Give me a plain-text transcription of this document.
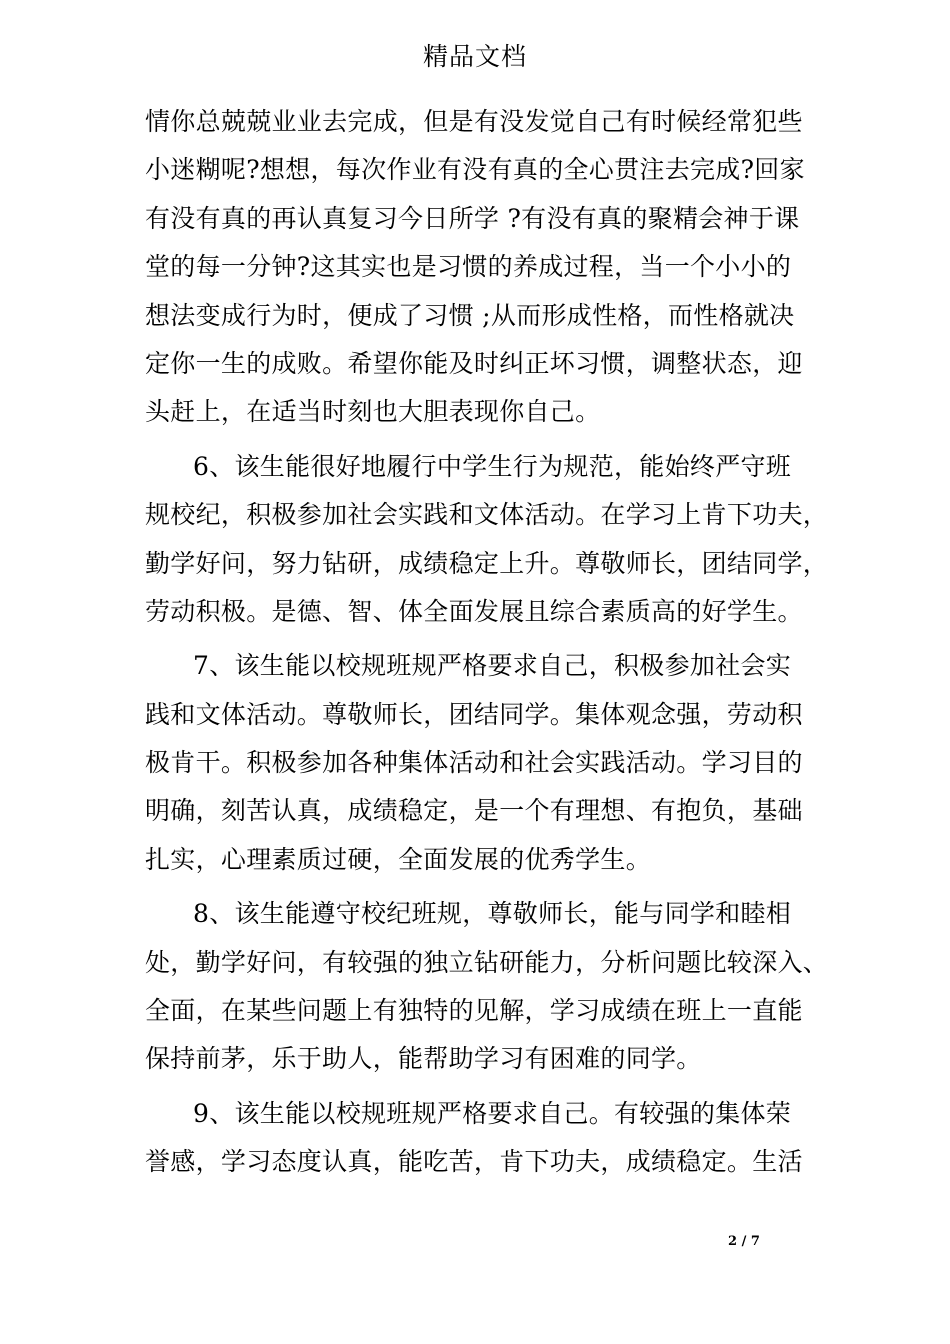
精品文档
情你总兢兢业业去完成，但是有没发觉自己有时候经常犯些
小迷糊呢?想想，每次作业有没有真的全心贯注去完成?回家
有没有真的再认真复习今日所学 ?有没有真的聚精会神于课
堂的每一分钟?这其实也是习惯的养成过程，当一个小小的
想法变成行为时，便成了习惯 ;从而形成性格，而性格就决
定你一生的成败。希望你能及时纠正坏习惯，调整状态，迎
头赶上，在适当时刻也大胆表现你自己。
6、该生能很好地履行中学生行为规范，能始终严守班
规校纪，积极参加社会实践和文体活动。在学习上肯下功夫，
勤学好问，努力钻研，成绩稳定上升。尊敬师长，团结同学，
劳动积极。是德、智、体全面发展且综合素质高的好学生。
7、该生能以校规班规严格要求自己，积极参加社会实
践和文体活动。尊敬师长，团结同学。集体观念强，劳动积
极肯干。积极参加各种集体活动和社会实践活动。学习目的
明确，刻苦认真，成绩稳定，是一个有理想、有抱负，基础
扎实，心理素质过硬，全面发展的优秀学生。
8、该生能遵守校纪班规，尊敬师长，能与同学和睦相
处，勤学好问，有较强的独立钻研能力，分析问题比较深入、
全面，在某些问题上有独特的见解，学习成绩在班上一直能
保持前茅，乐于助人，能帮助学习有困难的同学。
9、该生能以校规班规严格要求自己。有较强的集体荣
誉感，学习态度认真，能吃苦，肯下功夫，成绩稳定。生活
2 / 7
